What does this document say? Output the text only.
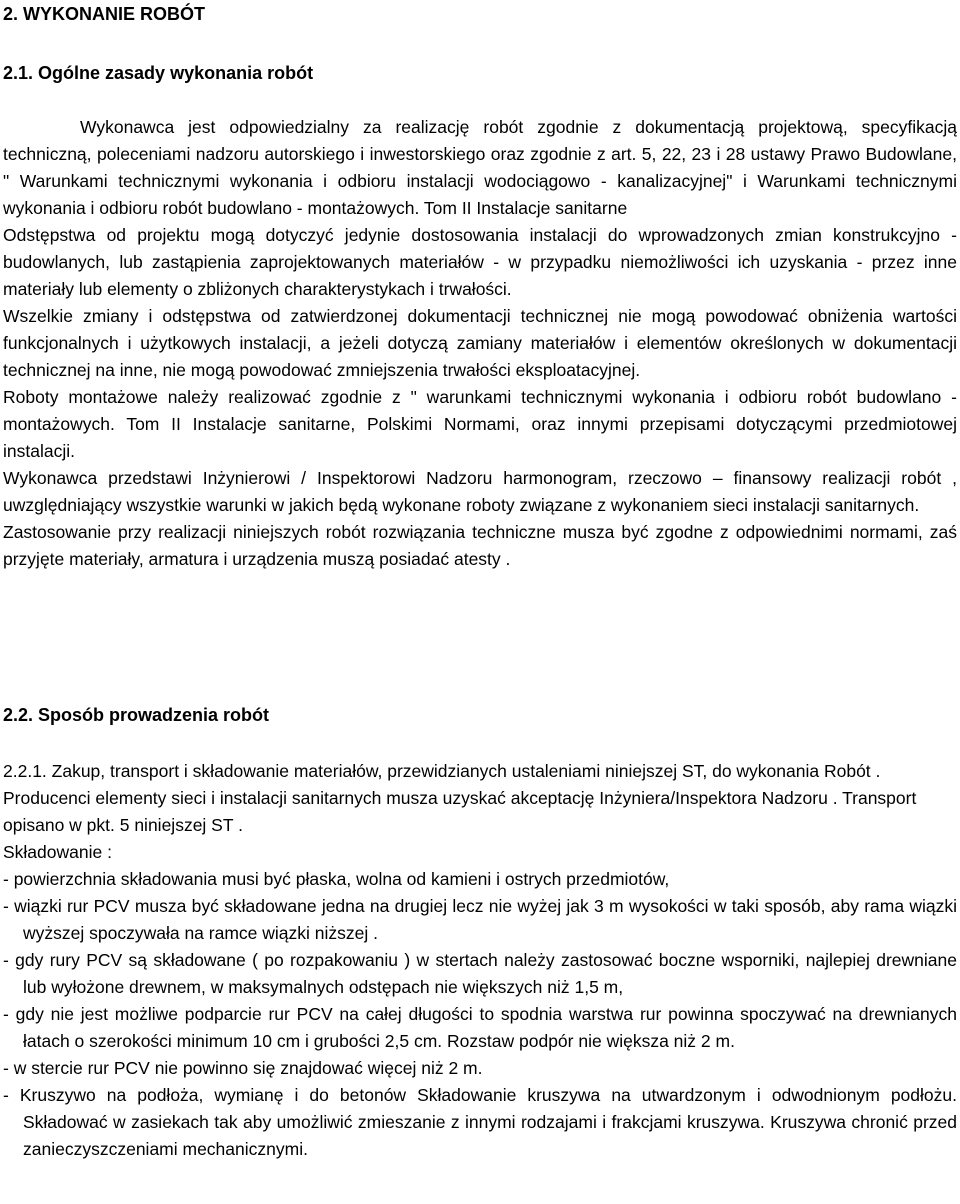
2. WYKONANIE ROBÓT
2.1. Ogólne zasady wykonania robót

Wykonawca jest odpowiedzialny za realizację robót zgodnie z dokumentacją projektową, specyfikacją techniczną, poleceniami nadzoru autorskiego i inwestorskiego oraz zgodnie z art. 5, 22, 23 i 28 ustawy Prawo Budowlane, " Warunkami technicznymi wykonania i odbioru instalacji wodociągowo - kanalizacyjnej" i Warunkami technicznymi wykonania i odbioru robót budowlano - montażowych. Tom II Instalacje sanitarne

Odstępstwa od projektu mogą dotyczyć jedynie dostosowania instalacji do wprowadzonych zmian konstrukcyjno - budowlanych, lub zastąpienia zaprojektowanych materiałów - w przypadku niemożliwości ich uzyskania - przez inne materiały lub elementy o zbliżonych charakterystykach i trwałości.

Wszelkie zmiany i odstępstwa od zatwierdzonej dokumentacji technicznej nie mogą powodować obniżenia wartości funkcjonalnych i użytkowych instalacji, a jeżeli dotyczą zamiany materiałów i elementów określonych w dokumentacji technicznej na inne, nie mogą powodować zmniejszenia trwałości eksploatacyjnej.

Roboty montażowe należy realizować zgodnie z " warunkami technicznymi wykonania i odbioru robót budowlano - montażowych. Tom II Instalacje sanitarne, Polskimi Normami, oraz innymi przepisami dotyczącymi przedmiotowej instalacji.

Wykonawca przedstawi Inżynierowi / Inspektorowi Nadzoru harmonogram, rzeczowo – finansowy realizacji robót , uwzględniający wszystkie warunki w jakich będą wykonane roboty związane z wykonaniem sieci instalacji sanitarnych.

Zastosowanie przy realizacji niniejszych robót rozwiązania techniczne musza być zgodne z odpowiednimi normami, zaś przyjęte materiały, armatura i urządzenia muszą posiadać atesty .

2.2. Sposób prowadzenia robót

2.2.1. Zakup, transport i składowanie materiałów, przewidzianych ustaleniami niniejszej ST, do wykonania Robót .

Producenci elementy sieci i instalacji sanitarnych musza uzyskać akceptację Inżyniera/Inspektora Nadzoru . Transport opisano w pkt. 5 niniejszej ST .

Składowanie :

- powierzchnia składowania musi być płaska, wolna od kamieni i ostrych przedmiotów,

- wiązki rur PCV musza być składowane jedna na drugiej lecz nie wyżej jak 3 m wysokości w taki sposób, aby rama wiązki wyższej spoczywała na ramce wiązki niższej .

- gdy rury PCV są składowane ( po rozpakowaniu ) w stertach należy zastosować boczne wsporniki, najlepiej drewniane lub wyłożone drewnem, w maksymalnych odstępach nie większych niż 1,5 m,

- gdy nie jest możliwe podparcie rur PCV na całej długości to spodnia warstwa rur powinna spoczywać na drewnianych łatach o szerokości minimum 10 cm i grubości 2,5 cm. Rozstaw podpór nie większa niż 2 m.

- w stercie rur PCV nie powinno się znajdować więcej niż 2 m.

- Kruszywo na podłoża, wymianę i do betonów Składowanie kruszywa na utwardzonym i odwodnionym podłożu. Składować w zasiekach tak aby umożliwić zmieszanie z innymi rodzajami i frakcjami kruszywa. Kruszywa chronić przed zanieczyszczeniami mechanicznymi.
